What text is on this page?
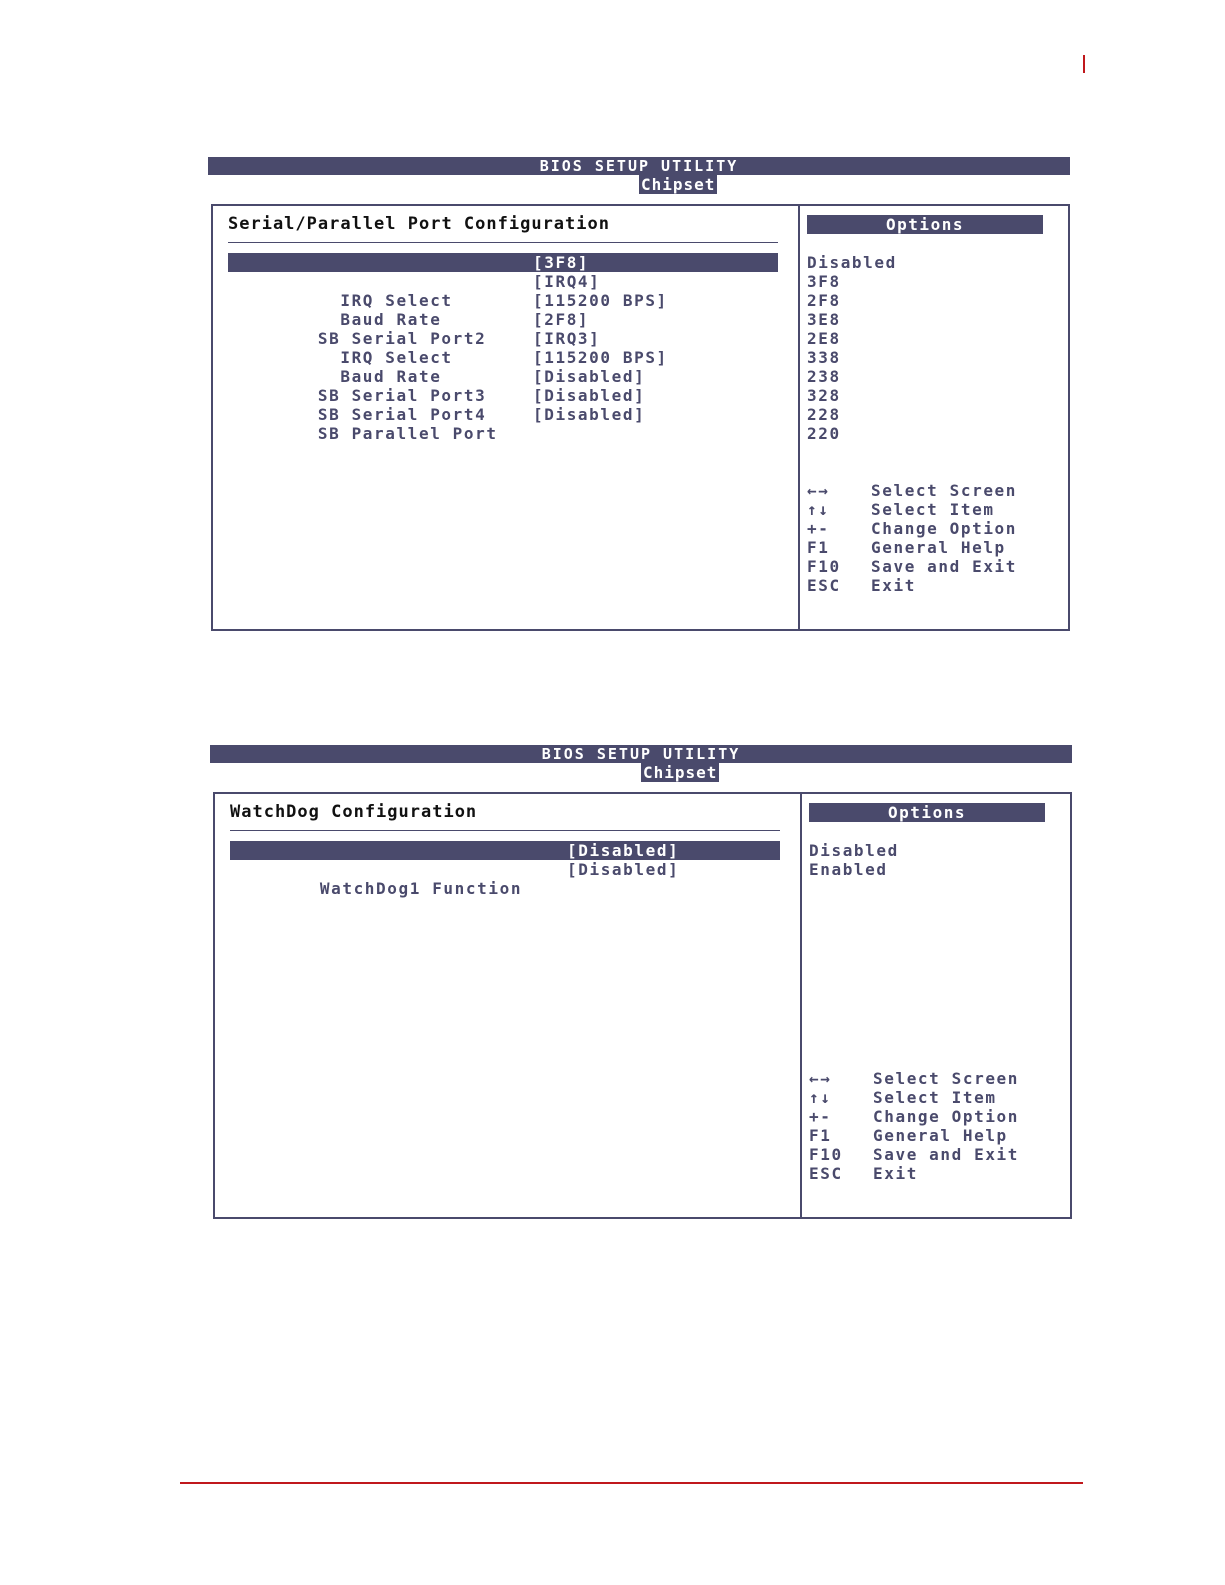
BIOS SETUP UTILITY
Chipset
Serial/Parallel Port Configuration

SB Serial Port1
[3F8]

IRQ Select
[IRQ4]

Baud Rate
[115200 BPS]

SB Serial Port2
[2F8]

IRQ Select
[IRQ3]

Baud Rate
[115200 BPS]

SB Serial Port3
[Disabled]

SB Serial Port4
[Disabled]

SB Parallel Port
[Disabled]

Options
Disabled
3F8
2F8
3E8
2E8
338
238
328
228
220
←→	Select Screen
↑↓	Select Item
+-	Change Option
F1	General Help
F10 Save and Exit
ESC Exit
BIOS SETUP UTILITY
Chipset
WatchDog Configuration

WatchDog0 Function
[Disabled]

WatchDog1 Function
[Disabled]

Options
Disabled
Enabled
←→	Select Screen
↑↓	Select Item
+-	Change Option
F1	General Help
F10 Save and Exit
ESC Exit
